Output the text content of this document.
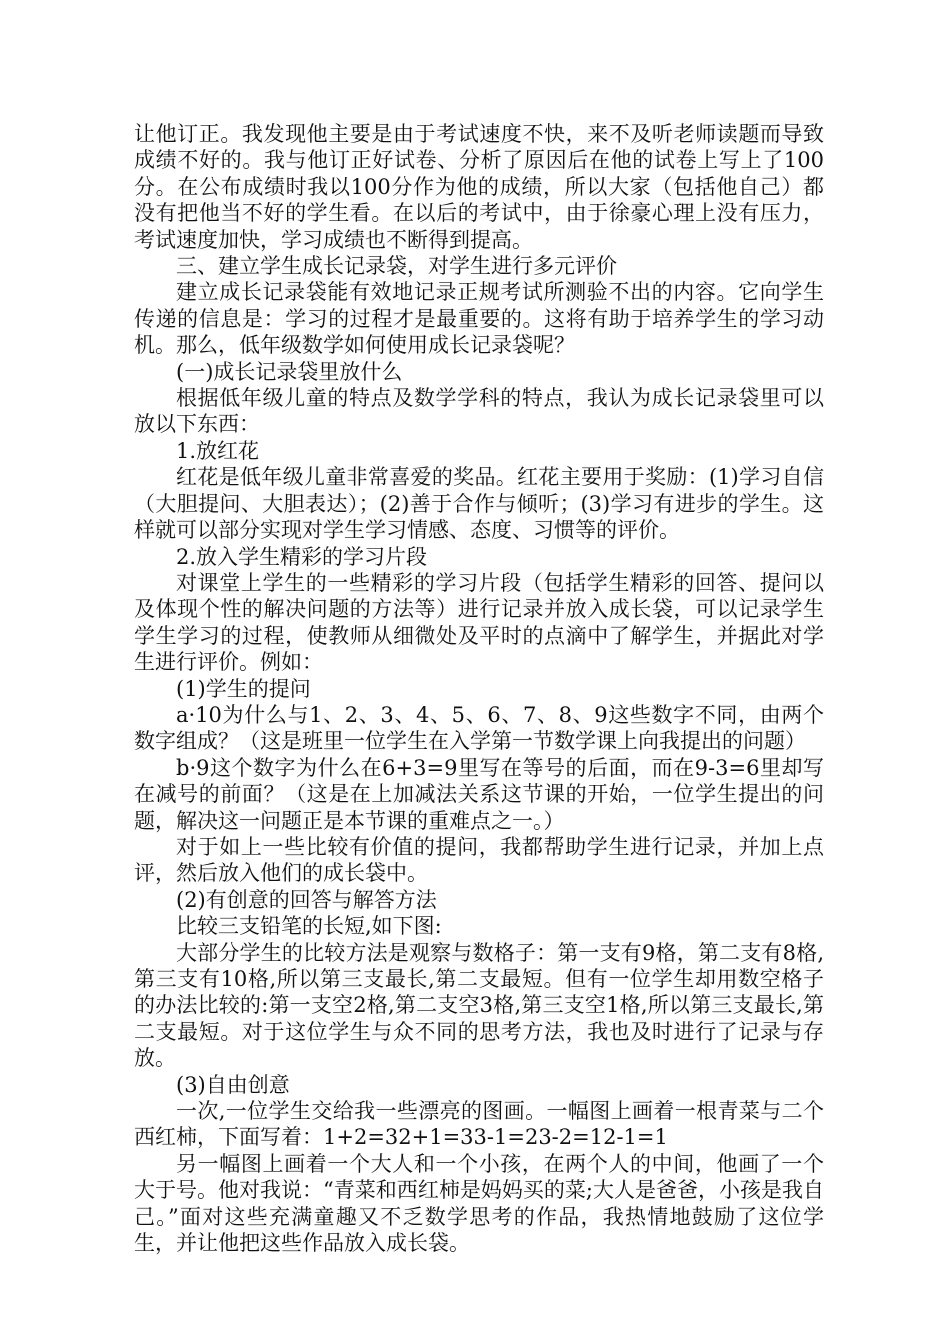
让他订正。我发现他主要是由于考试速度不快，来不及听老师读题而导致成绩不好的。我与他订正好试卷、分析了原因后在他的试卷上写上了100分。在公布成绩时我以100分作为他的成绩，所以大家（包括他自己）都没有把他当不好的学生看。在以后的考试中，由于徐豪心理上没有压力，考试速度加快，学习成绩也不断得到提高。

三、建立学生成长记录袋，对学生进行多元评价

建立成长记录袋能有效地记录正规考试所测验不出的内容。它向学生传递的信息是：学习的过程才是最重要的。这将有助于培养学生的学习动机。那么，低年级数学如何使用成长记录袋呢？

(一)成长记录袋里放什么

根据低年级儿童的特点及数学学科的特点，我认为成长记录袋里可以放以下东西：

1.放红花

红花是低年级儿童非常喜爱的奖品。红花主要用于奖励：(1)学习自信（大胆提问、大胆表达）；(2)善于合作与倾听；(3)学习有进步的学生。这样就可以部分实现对学生学习情感、态度、习惯等的评价。

2.放入学生精彩的学习片段

对课堂上学生的一些精彩的学习片段（包括学生精彩的回答、提问以及体现个性的解决问题的方法等）进行记录并放入成长袋，可以记录学生学生学习的过程，使教师从细微处及平时的点滴中了解学生，并据此对学生进行评价。例如：

(1)学生的提问

a·10为什么与1、2、3、4、5、6、7、8、9这些数字不同，由两个数字组成？（这是班里一位学生在入学第一节数学课上向我提出的问题）

b·9这个数字为什么在6+3=9里写在等号的后面，而在9-3=6里却写在减号的前面？（这是在上加减法关系这节课的开始，一位学生提出的问题，解决这一问题正是本节课的重难点之一。）

对于如上一些比较有价值的提问，我都帮助学生进行记录，并加上点评，然后放入他们的成长袋中。

(2)有创意的回答与解答方法

比较三支铅笔的长短,如下图:

大部分学生的比较方法是观察与数格子：第一支有9格，第二支有8格,第三支有10格,所以第三支最长,第二支最短。但有一位学生却用数空格子的办法比较的:第一支空2格,第二支空3格,第三支空1格,所以第三支最长,第二支最短。对于这位学生与众不同的思考方法，我也及时进行了记录与存放。

(3)自由创意

一次,一位学生交给我一些漂亮的图画。一幅图上画着一根青菜与二个西红柿，下面写着：1+2=32+1=33-1=23-2=12-1=1

另一幅图上画着一个大人和一个小孩，在两个人的中间，他画了一个大于号。他对我说：“青菜和西红柿是妈妈买的菜;大人是爸爸，小孩是我自己。”面对这些充满童趣又不乏数学思考的作品，我热情地鼓励了这位学生，并让他把这些作品放入成长袋。
